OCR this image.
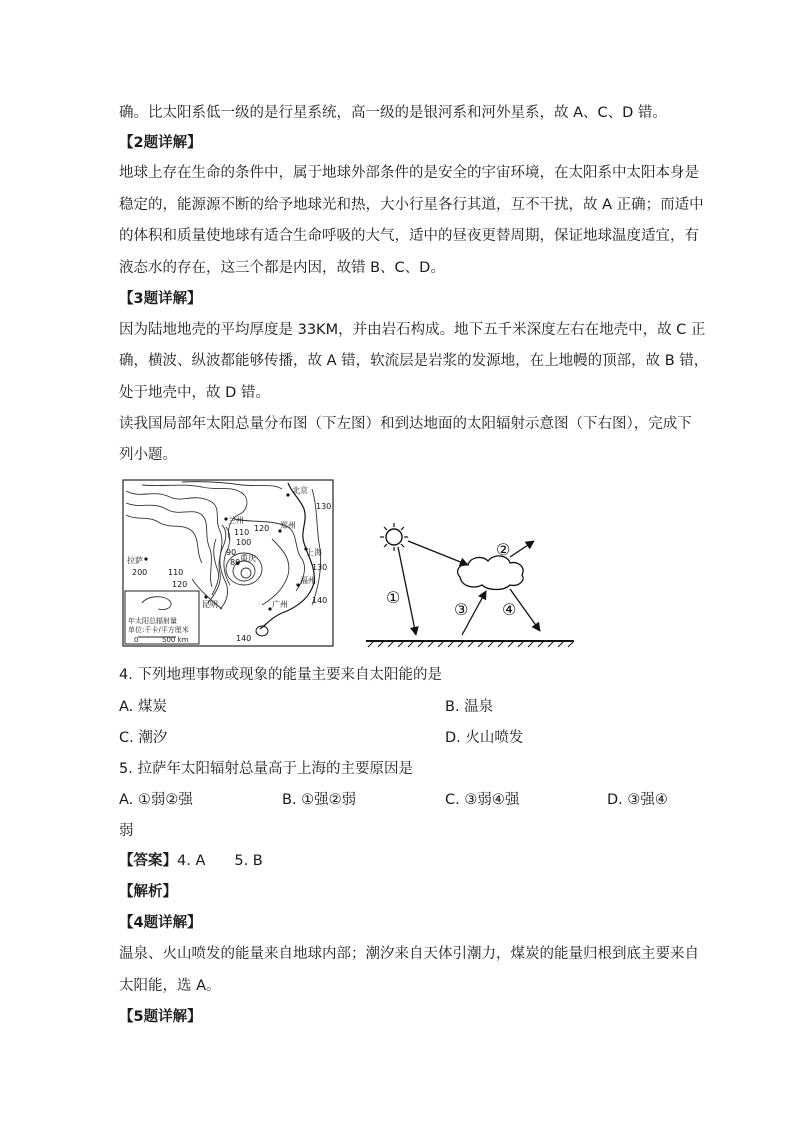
确。比太阳系低一级的是行星系统，高一级的是银河系和河外星系，故 A、C、D 错。
【2题详解】
地球上存在生命的条件中，属于地球外部条件的是安全的宇宙环境，在太阳系中太阳本身是
稳定的，能源源不断的给予地球光和热，大小行星各行其道，互不干扰，故 A 正确；而适中
的体积和质量使地球有适合生命呼吸的大气，适中的昼夜更替周期，保证地球温度适宜，有
液态水的存在，这三个都是内因，故错 B、C、D。
【3题详解】
因为陆地地壳的平均厚度是 33KM，并由岩石构成。地下五千米深度左右在地壳中，故 C 正
确，横波、纵波都能够传播，故 A 错，软流层是岩浆的发源地，在上地幔的顶部，故 B 错，
处于地壳中，故 D 错。
读我国局部年太阳总量分布图（下左图）和到达地面的太阳辐射示意图（下右图），完成下
列小题。
年太阳总辐射量
单位:千卡/平方厘米
0	500 km
北京
兰州
郑州
拉萨	重庆
上海
福州
昆明	广州
130
110 120
100
90
80
200	110
120
130
140
140
①
②
③ ④
4. 下列地理事物或现象的能量主要来自太阳能的是
A. 煤炭	B. 温泉
C. 潮汐	D. 火山喷发
5. 拉萨年太阳辐射总量高于上海的主要原因是
A. ①弱②强	B. ①强②弱	C. ③弱④强	D. ③强④
弱
【答案】4. A　　5. B
【解析】
【4题详解】
温泉、火山喷发的能量来自地球内部；潮汐来自天体引潮力，煤炭的能量归根到底主要来自
太阳能，选 A。
【5题详解】
